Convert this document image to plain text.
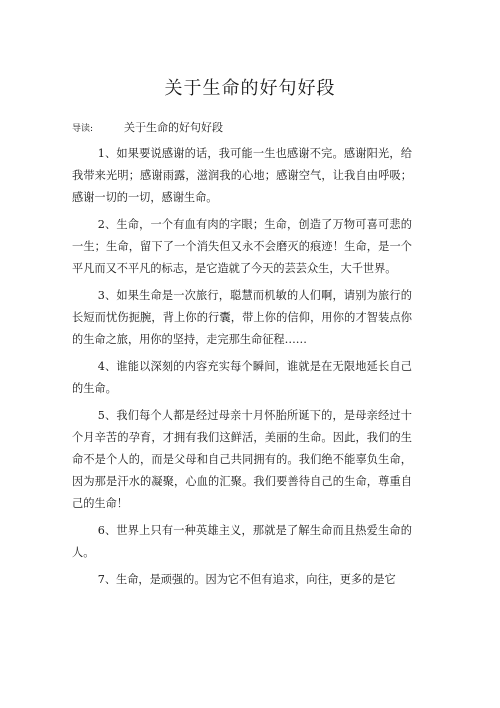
关于生命的好句好段
导读:	关于生命的好句好段

1、如果要说感谢的话，我可能一生也感谢不完。感谢阳光，给我带来光明；感谢雨露，滋润我的心地；感谢空气，让我自由呼吸；感谢一切的一切，感谢生命。

2、生命，一个有血有肉的字眼；生命，创造了万物可喜可悲的一生；生命，留下了一个消失但又永不会磨灭的痕迹！生命，是一个平凡而又不平凡的标志，是它造就了今天的芸芸众生，大千世界。

3、如果生命是一次旅行，聪慧而机敏的人们啊，请别为旅行的长短而忧伤扼腕，背上你的行囊，带上你的信仰，用你的才智装点你的生命之旅，用你的坚持，走完那生命征程……

4、谁能以深刻的内容充实每个瞬间，谁就是在无限地延长自己的生命。

5、我们每个人都是经过母亲十月怀胎所诞下的，是母亲经过十个月辛苦的孕育，才拥有我们这鲜活，美丽的生命。因此，我们的生命不是个人的，而是父母和自己共同拥有的。我们绝不能辜负生命，因为那是汗水的凝聚，心血的汇聚。我们要善待自己的生命，尊重自己的生命！

6、世界上只有一种英雄主义，那就是了解生命而且热爱生命的人。

7、生命，是顽强的。因为它不但有追求，向往，更多的是它
